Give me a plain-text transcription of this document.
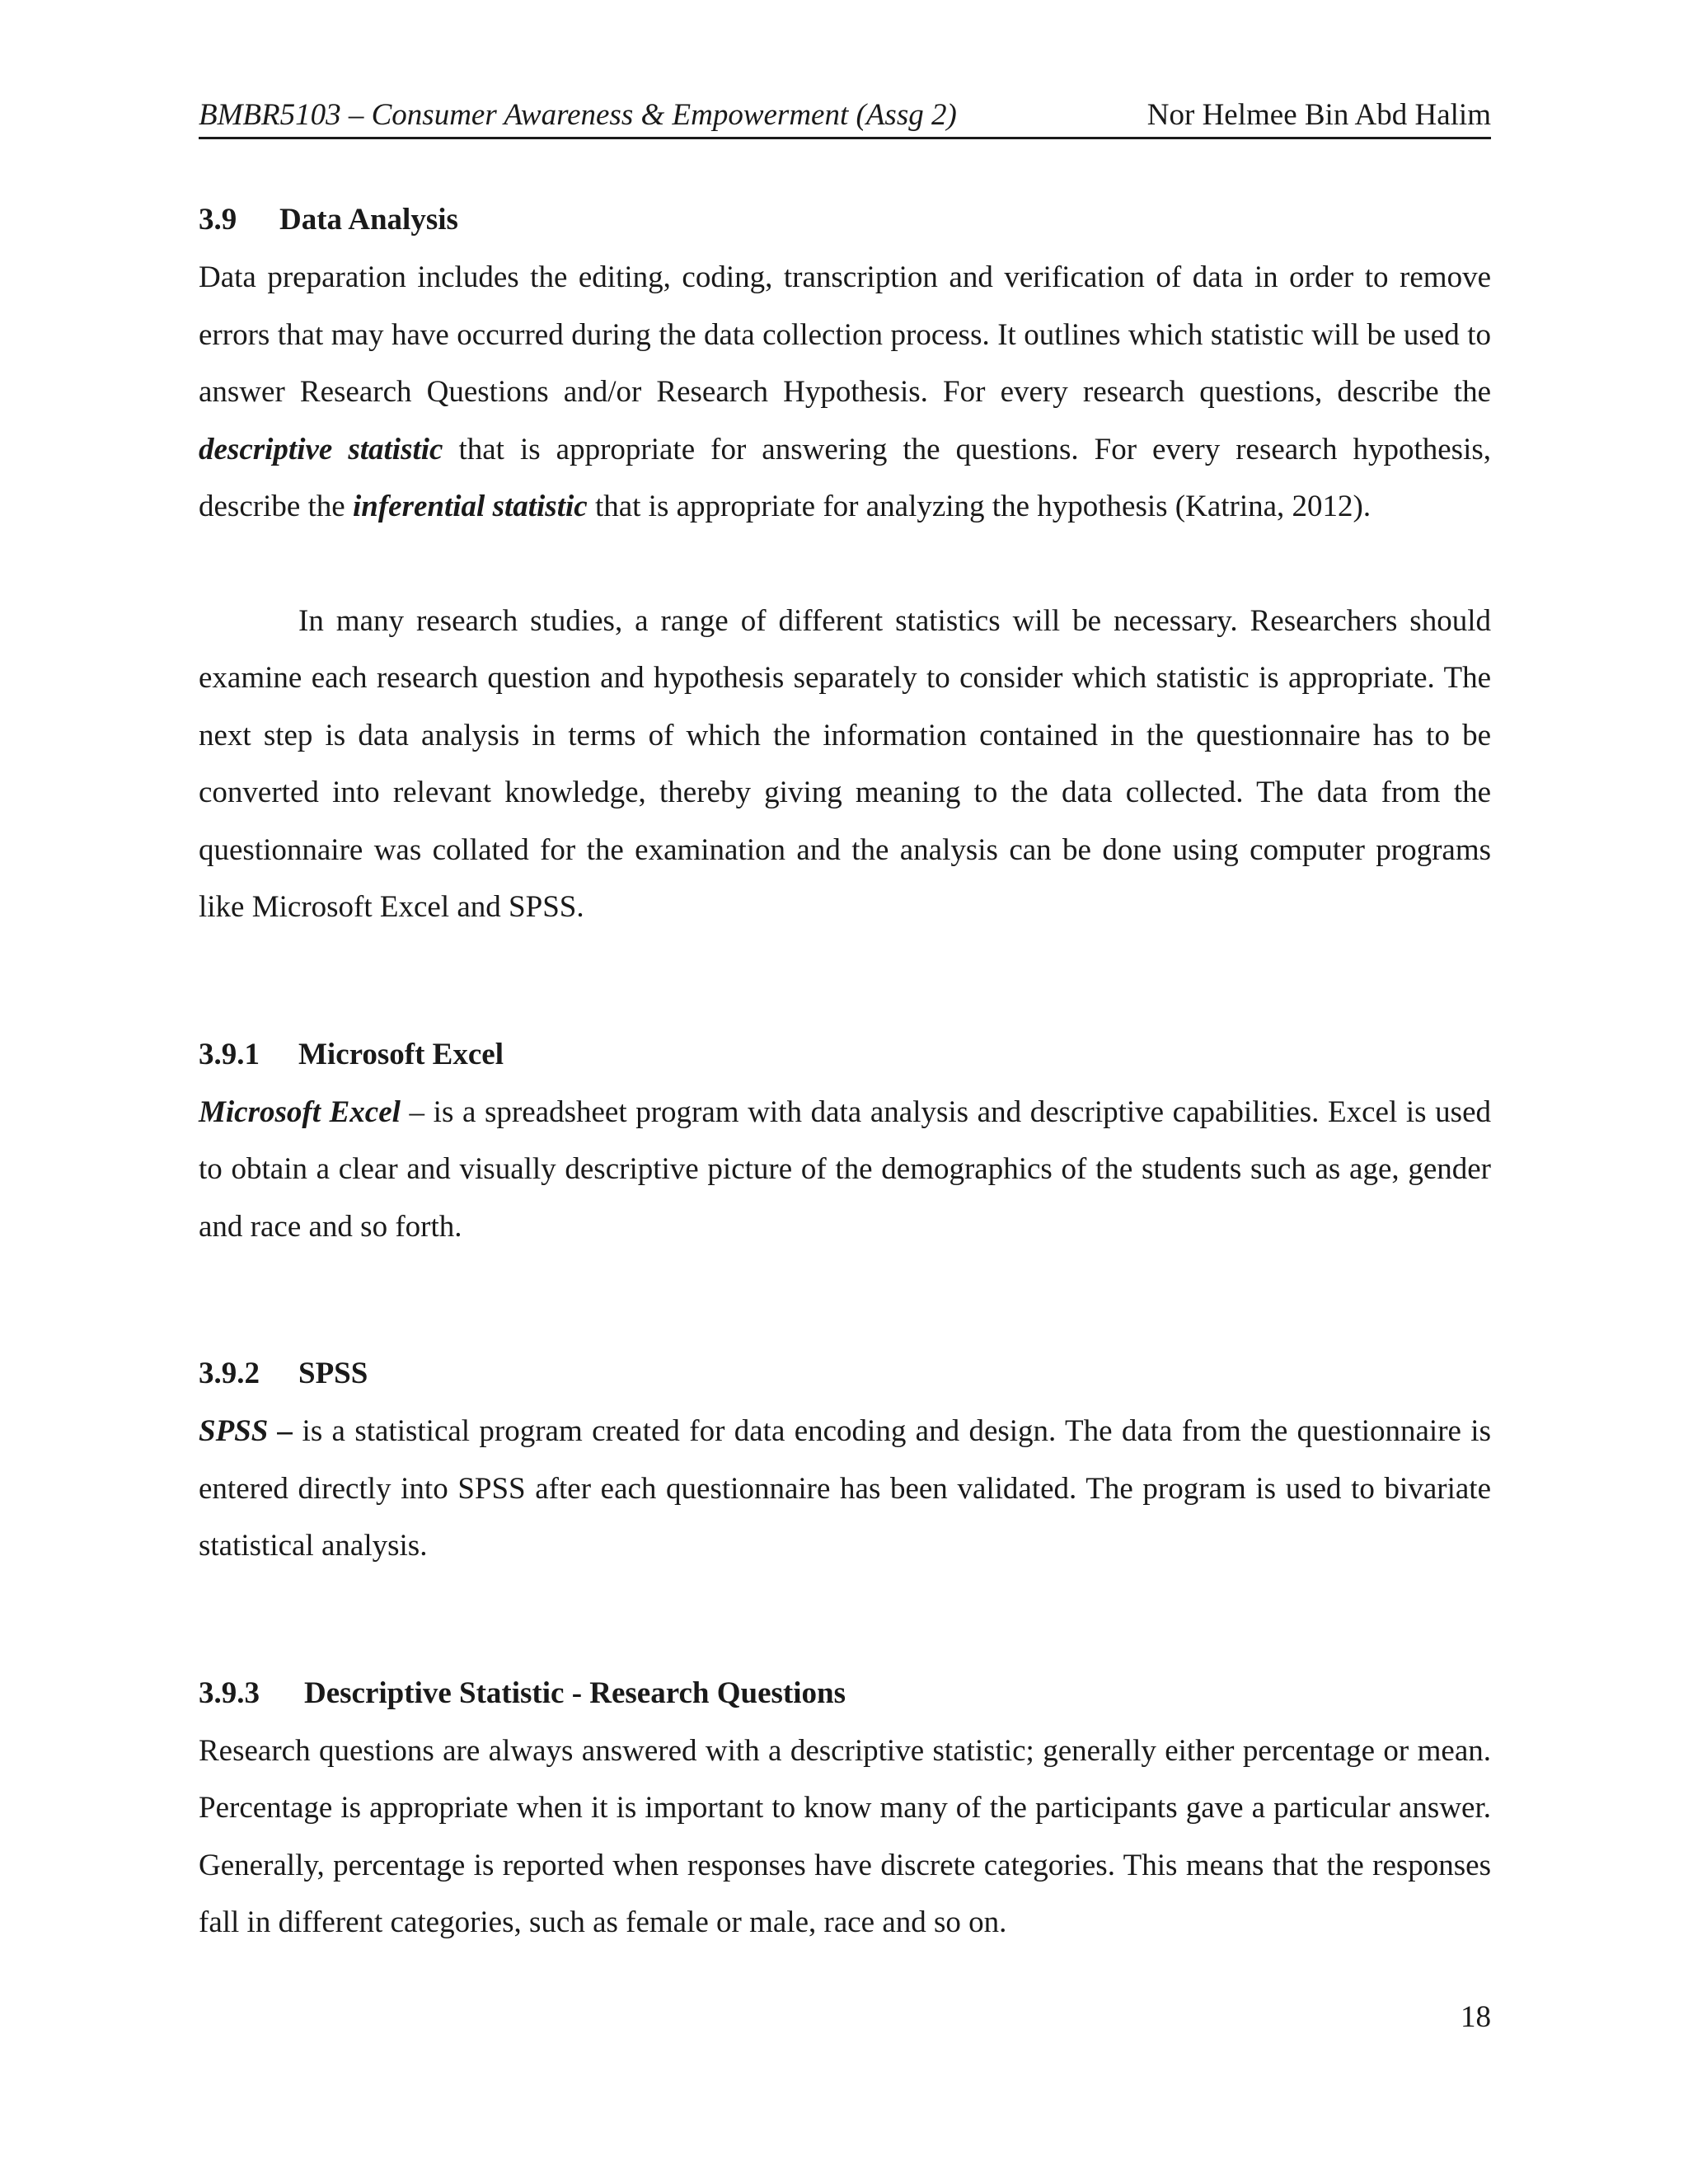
BMBR5103 – Consumer Awareness & Empowerment (Assg 2)	Nor Helmee Bin Abd Halim
3.9	Data Analysis

Data preparation includes the editing, coding, transcription and verification of data in order to remove errors that may have occurred during the data collection process. It outlines which statistic will be used to answer Research Questions and/or Research Hypothesis. For every research questions, describe the descriptive statistic that is appropriate for answering the questions. For every research hypothesis, describe the inferential statistic that is appropriate for analyzing the hypothesis (Katrina, 2012).

In many research studies, a range of different statistics will be necessary. Researchers should examine each research question and hypothesis separately to consider which statistic is appropriate. The next step is data analysis in terms of which the information contained in the questionnaire has to be converted into relevant knowledge, thereby giving meaning to the data collected. The data from the questionnaire was collated for the examination and the analysis can be done using computer programs like Microsoft Excel and SPSS.

3.9.1	Microsoft Excel

Microsoft Excel – is a spreadsheet program with data analysis and descriptive capabilities. Excel is used to obtain a clear and visually descriptive picture of the demographics of the students such as age, gender and race and so forth.

3.9.2	SPSS

SPSS – is a statistical program created for data encoding and design. The data from the questionnaire is entered directly into SPSS after each questionnaire has been validated. The program is used to bivariate statistical analysis.

3.9.3	Descriptive Statistic - Research Questions

Research questions are always answered with a descriptive statistic; generally either percentage or mean. Percentage is appropriate when it is important to know many of the participants gave a particular answer. Generally, percentage is reported when responses have discrete categories. This means that the responses fall in different categories, such as female or male, race and so on.

18
